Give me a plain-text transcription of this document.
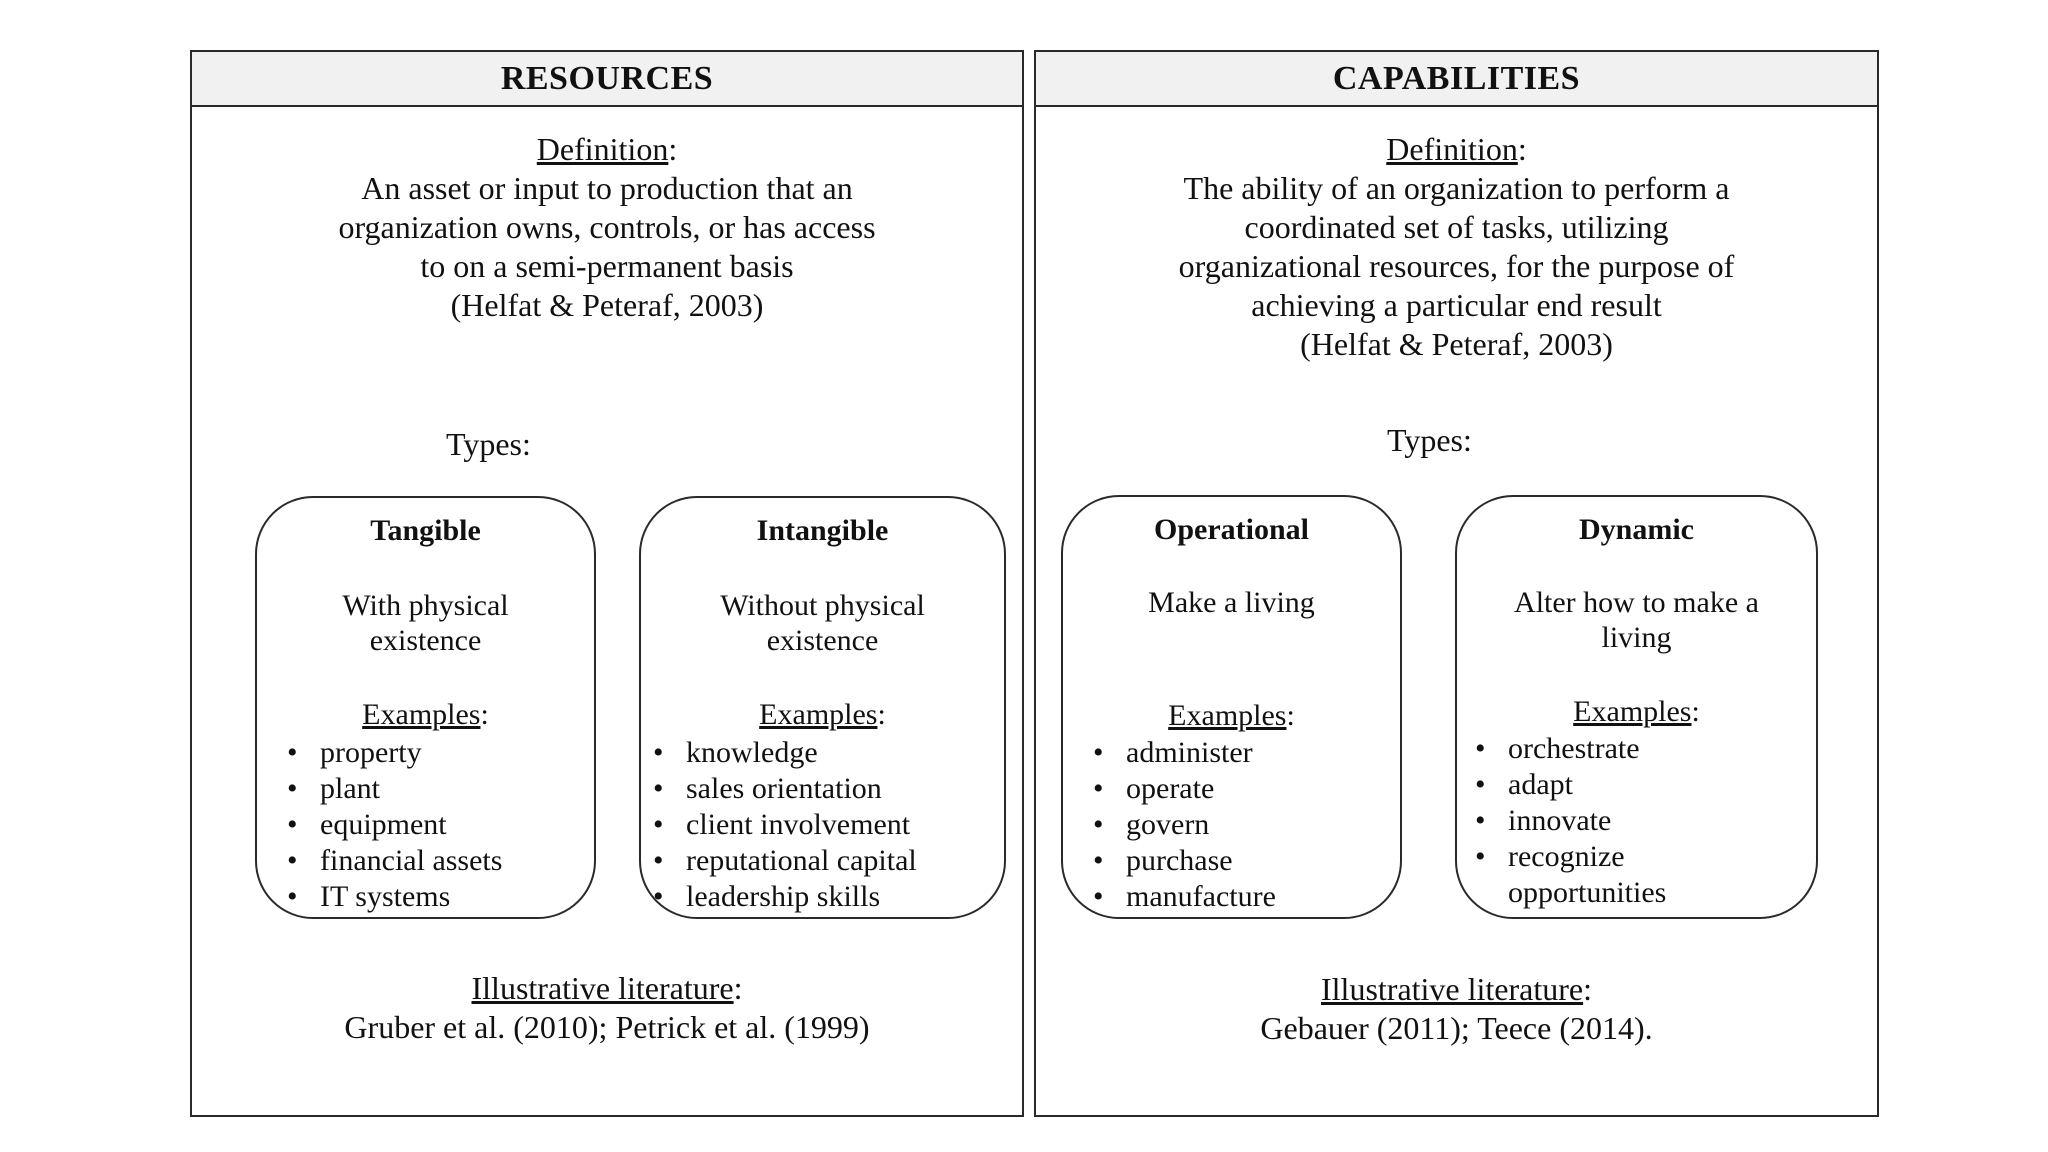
RESOURCES
Definition:
An asset or input to production that an
organization owns, controls, or has access
to on a semi-permanent basis
(Helfat & Peteraf, 2003)
Types:
Tangible
With physical
existence
Examples:
• property
• plant
• equipment
• financial assets
• IT systems
Intangible
Without physical
existence
Examples:
• knowledge
• sales orientation
• client involvement
• reputational capital
• leadership skills
Illustrative literature:
Gruber et al. (2010); Petrick et al. (1999)
CAPABILITIES
Definition:
The ability of an organization to perform a
coordinated set of tasks, utilizing
organizational resources, for the purpose of
achieving a particular end result
(Helfat & Peteraf, 2003)
Types:
Operational
Make a living
Examples:
• administer
• operate
• govern
• purchase
• manufacture
Dynamic
Alter how to make a
living
Examples:
• orchestrate
• adapt
• innovate
• recognize
opportunities
Illustrative literature:
Gebauer (2011); Teece (2014).
